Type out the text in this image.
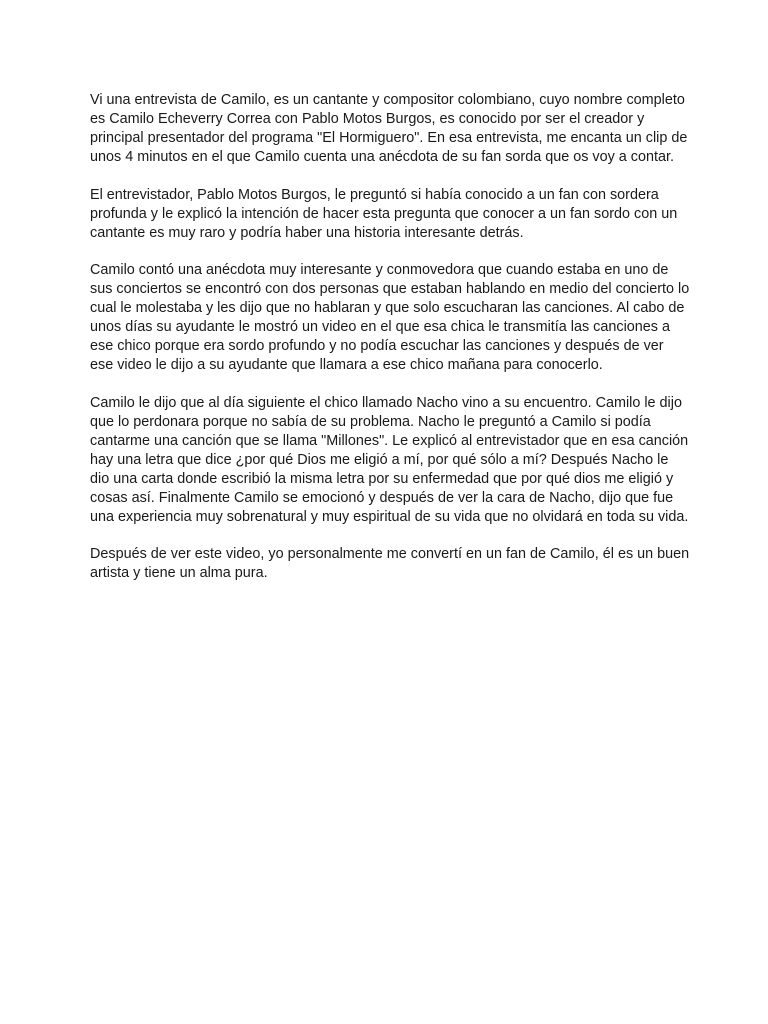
Vi una entrevista de Camilo, es un cantante y compositor colombiano, cuyo nombre completo es Camilo Echeverry Correa con Pablo Motos Burgos, es conocido por ser el creador y principal presentador del programa "El Hormiguero". En esa entrevista, me encanta un clip de unos 4 minutos en el que Camilo cuenta una anécdota de su fan sorda que os voy a contar.

El entrevistador, Pablo Motos Burgos, le preguntó si había conocido a un fan con sordera profunda y le explicó la intención de hacer esta pregunta que conocer a un fan sordo con un cantante es muy raro y podría haber una historia interesante detrás.

Camilo contó una anécdota muy interesante y conmovedora que cuando estaba en uno de sus conciertos se encontró con dos personas que estaban hablando en medio del concierto lo cual le molestaba y les dijo que no hablaran y que solo escucharan las canciones. Al cabo de unos días su ayudante le mostró un video en el que esa chica le transmitía las canciones a ese chico porque era sordo profundo y no podía escuchar las canciones y después de ver ese video le dijo a su ayudante que llamara a ese chico mañana para conocerlo.

Camilo le dijo que al día siguiente el chico llamado Nacho vino a su encuentro. Camilo le dijo que lo perdonara porque no sabía de su problema. Nacho le preguntó a Camilo si podía cantarme una canción que se llama "Millones". Le explicó al entrevistador que en esa canción hay una letra que dice ¿por qué Dios me eligió a mí, por qué sólo a mí? Después Nacho le dio una carta donde escribió la misma letra por su enfermedad que por qué dios me eligió y cosas así. Finalmente Camilo se emocionó y después de ver la cara de Nacho, dijo que fue una experiencia muy sobrenatural y muy espiritual de su vida que no olvidará en toda su vida.

Después de ver este video, yo personalmente me convertí en un fan de Camilo, él es un buen artista y tiene un alma pura.
